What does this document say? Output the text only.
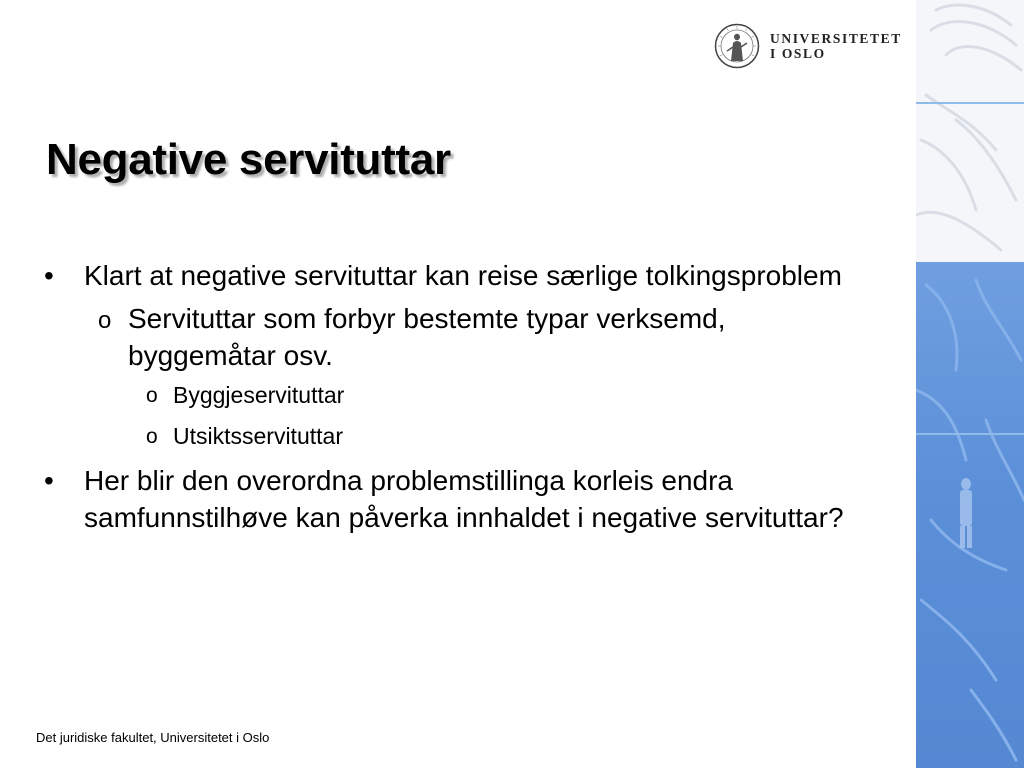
UNIVERSITETET
I OSLO
Negative servituttar
• Klart at negative servituttar kan reise særlige tolkingsproblem
o Servituttar som forbyr bestemte typar verksemd, byggemåtar osv.
o Byggjeservituttar
o Utsiktsservituttar
• Her blir den overordna problemstillinga korleis endra samfunnstilhøve kan påverka innhaldet i negative servituttar?
Det juridiske fakultet, Universitetet i Oslo
